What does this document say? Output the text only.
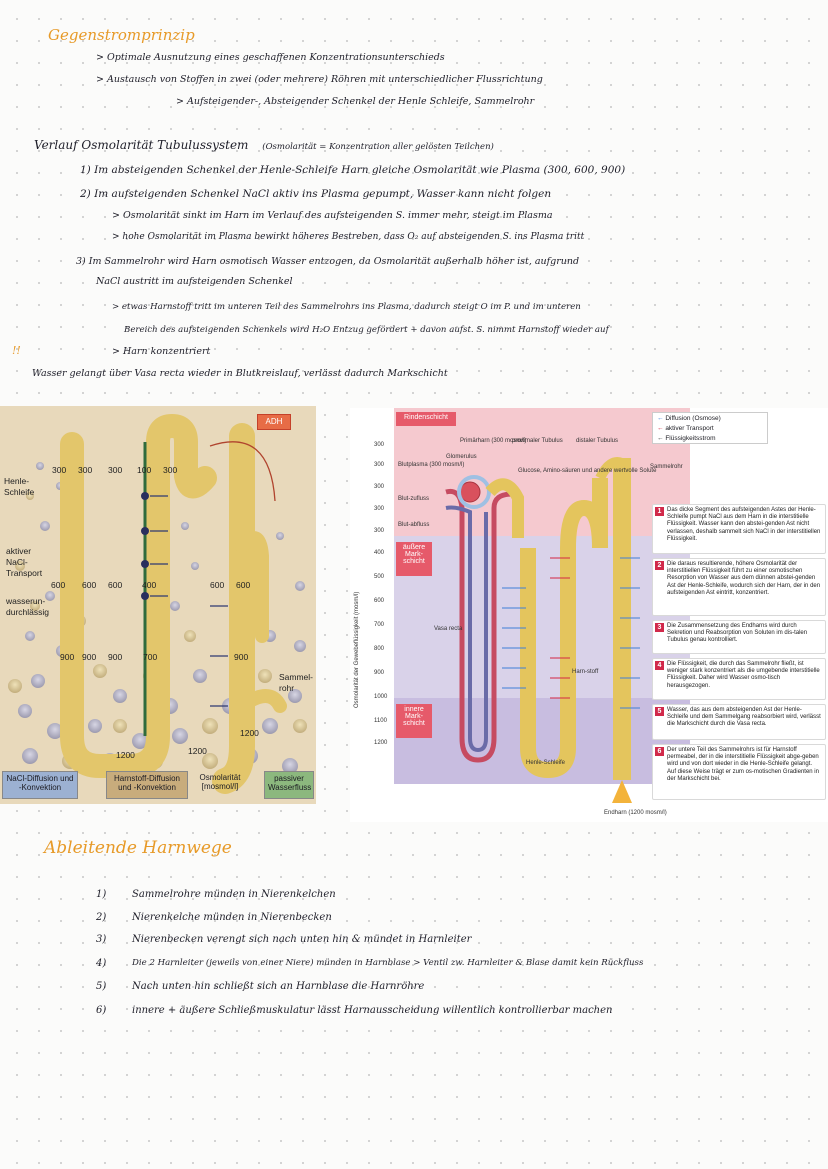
Gegenstromprinzip
> Optimale Ausnutzung eines geschaffenen Konzentrationsunterschieds
> Austausch von Stoffen in zwei (oder mehrere) Röhren mit unterschiedlicher Flussrichtung
> Aufsteigender-, Absteigender Schenkel der Henle Schleife, Sammelrohr
Verlauf Osmolarität Tubulussystem (Osmolarität = Konzentration aller gelösten Teilchen)
1) Im absteigenden Schenkel der Henle-Schleife Harn gleiche Osmolarität wie Plasma (300, 600, 900)
2) Im aufsteigenden Schenkel NaCl aktiv ins Plasma gepumpt, Wasser kann nicht folgen
> Osmolarität sinkt im Harn im Verlauf des aufsteigenden S. immer mehr, steigt im Plasma
> hohe Osmolarität im Plasma bewirkt höheres Bestreben, dass O₂ auf absteigenden S. ins Plasma tritt
3) Im Sammelrohr wird Harn osmotisch Wasser entzogen, da Osmolarität außerhalb höher ist, aufgrund
NaCl austritt im aufsteigenden Schenkel
> etwas Harnstoff tritt im unteren Teil des Sammelrohrs ins Plasma, dadurch steigt O im P. und im unteren
Bereich des aufsteigenden Schenkels wird H₂O Entzug gefördert + davon aufst. S. nimmt Harnstoff wieder auf
> Harn konzentriert
Wasser gelangt über Vasa recta wieder in Blutkreislauf, verlässt dadurch Markschicht
!!
ADH
300 300 300 100 300
600 600 600 400	600 600
900 900 900 700	900
1200
1200	1200
Henle-
Schleife
aktiver
NaCl-
Transport
wasserun-
durchlässig
Sammel-
rohr
NaCl-Diffusion und -Konvektion
Harnstoff-Diffusion und -Konvektion
Osmolarität [mosmol/l]
passiver Wasserfluss
Rindenschicht
äußere Mark-schicht
innere Mark-schicht
300
300
300
300
300
400
500
600
700
800
900
1000
1100
1200
Osmolarität der Gewebeflüssigkeit (mosm/l)
Primärharn (300 mosm/l)
proximaler Tubulus distaler Tubulus
Blutplasma (300 mosm/l)
Glomerulus
Glucose, Amino-säuren und andere wertvolle Solute
Blut-zufluss
Blut-abfluss
Vasa recta
Henle-Schleife
Sammelrohr
Endharn (1200 mosm/l)
Harn-stoff
← Diffusion (Osmose)
← aktiver Transport
← Flüssigkeitsstrom
1 Das dicke Segment des aufsteigenden Astes der Henle-Schleife pumpt NaCl aus dem Harn in die interstitielle Flüssigkeit. Wasser kann den abstei-genden Ast nicht verlassen, deshalb sammelt sich NaCl in der interstitiellen Flüssigkeit.
2 Die daraus resultierende, höhere Osmolarität der interstitiellen Flüssigkeit führt zu einer osmotischen Resorption von Wasser aus dem dünnen abstei-genden Ast der Henle-Schleife, wodurch sich der Harn, der in den aufsteigenden Ast eintritt, konzentriert.
3 Die Zusammensetzung des Endharns wird durch Sekretion und Reabsorption von Soluten im dis-talen Tubulus genau kontrolliert.
4 Die Flüssigkeit, die durch das Sammelrohr fließt, ist weniger stark konzentriert als die umgebende interstitielle Flüssigkeit. Daher wird Wasser osmo-tisch herausgezogen.
5 Wasser, das aus dem absteigenden Ast der Henle-Schleife und dem Sammelgang reabsorbiert wird, verlässt die Markschicht durch die Vasa recta.
6 Der untere Teil des Sammelrohrs ist für Harnstoff permeabel, der in die interstitielle Flüssigkeit abge-geben wird und von dort wieder in die Henle-Schleife gelangt. Auf diese Weise trägt er zum os-motischen Gradienten in der Markschicht bei.
Ableitende Harnwege
1)	Sammelrohre münden in Nierenkelchen
2)	Nierenkelche münden in Nierenbecken
3)	Nierenbecken verengt sich nach unten hin & mündet in Harnleiter
4)	Die 2 Harnleiter (jeweils von einer Niere) münden in Harnblase > Ventil zw. Harnleiter & Blase damit kein Rückfluss
5)	Nach unten hin schließt sich an Harnblase die Harnröhre
6)	innere + äußere Schließmuskulatur lässt Harnausscheidung willentlich kontrollierbar machen
